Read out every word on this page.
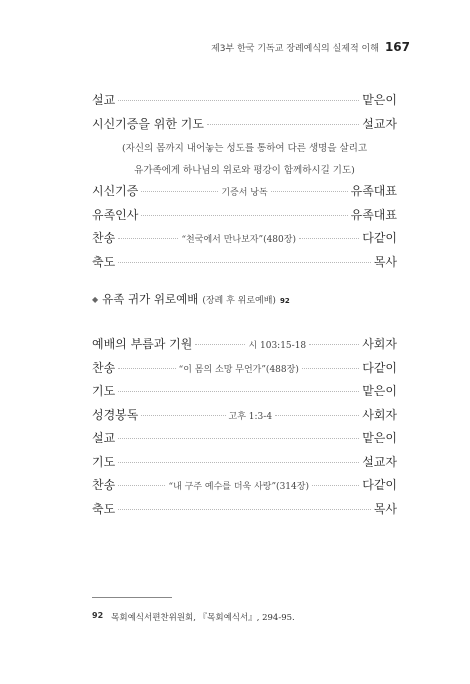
제3부 한국 기독교 장례예식의 실제적 이해 167
설교	맡은이
시신기증을 위한 기도	설교자
(자신의 몸까지 내어놓는 성도를 통하여 다른 생명을 살리고
유가족에게 하나님의 위로와 평강이 함께하시길 기도)
시신기증	기증서 낭독	유족대표
유족인사	유족대표
찬송	“천국에서 만나보자”(480장)	다같이
축도	목사
◆ 유족 귀가 위로예배 (장례 후 위로예배) 92
예배의 부름과 기원	시 103:15-18	사회자
찬송	“이 몸의 소망 무언가”(488장)	다같이
기도	맡은이
성경봉독	고후 1:3-4	사회자
설교	맡은이
기도	설교자
찬송	“내 구주 예수를 더욱 사랑”(314장)	다같이
축도	목사
92 목회예식서편찬위원회, 『목회예식서』, 294-95.
